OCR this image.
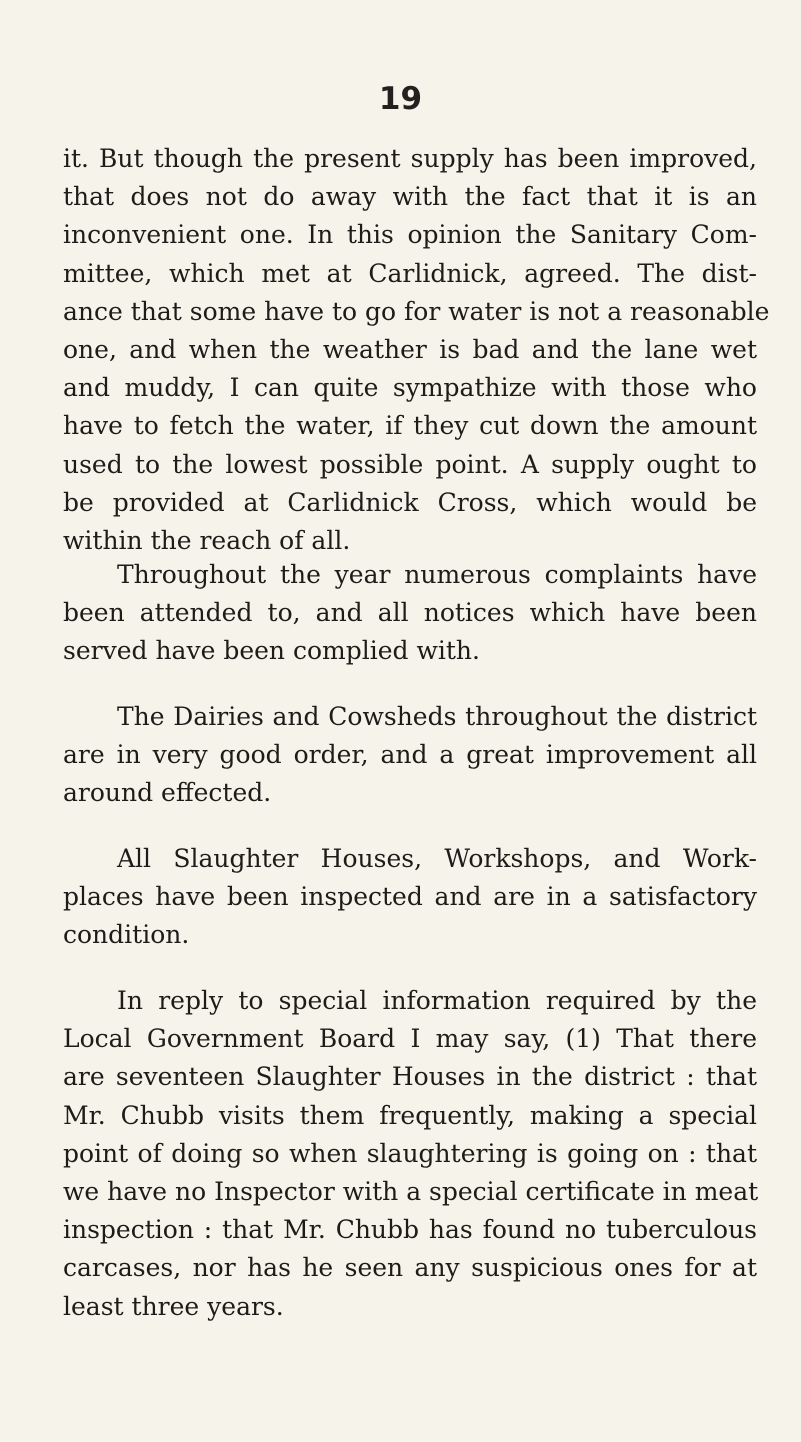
19
it. But though the present supply has been improved,
that does not do away with the fact that it is an
inconvenient one. In this opinion the Sanitary Com-
mittee, which met at Carlidnick, agreed. The dist-
ance that some have to go for water is not a reasonable
one, and when the weather is bad and the lane wet
and muddy, I can quite sympathize with those who
have to fetch the water, if they cut down the amount
used to the lowest possible point. A supply ought to
be provided at Carlidnick Cross, which would be
within the reach of all.
Throughout the year numerous complaints have
been attended to, and all notices which have been
served have been complied with.
The Dairies and Cowsheds throughout the district
are in very good order, and a great improvement all
around effected.
All Slaughter Houses, Workshops, and Work-
places have been inspected and are in a satisfactory
condition.
In reply to special information required by the
Local Government Board I may say, (1) That there
are seventeen Slaughter Houses in the district : that
Mr. Chubb visits them frequently, making a special
point of doing so when slaughtering is going on : that
we have no Inspector with a special certificate in meat
inspection : that Mr. Chubb has found no tuberculous
carcases, nor has he seen any suspicious ones for at
least three years.
